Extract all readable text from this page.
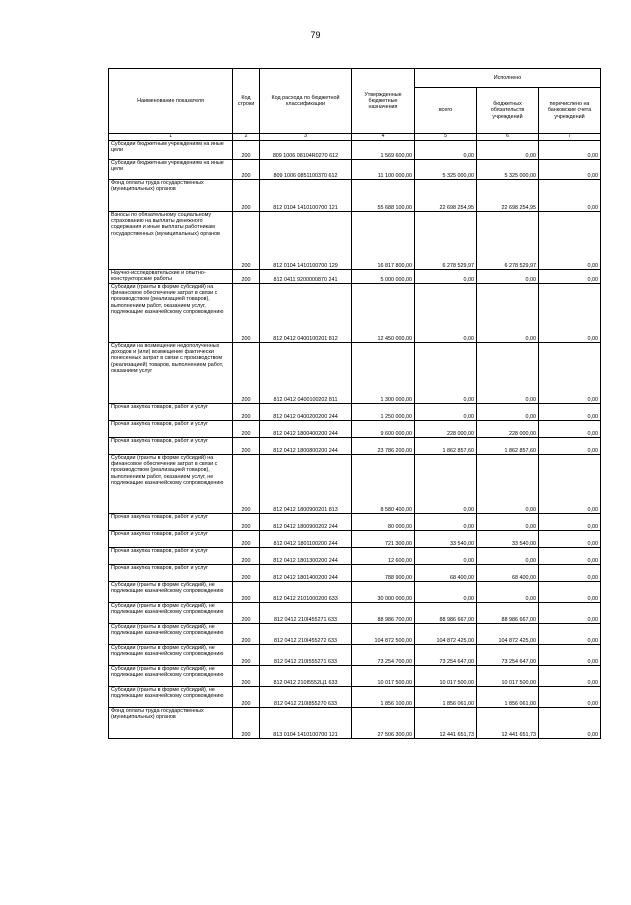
79
Наименование показателя	Код строки	Код расхода по бюджетной классификации	Утвержденные бюджетные назначения	Исполнено		
				всего	бюджетных обязательств учреждений	перечислено на банковские счета учреждений
1	2	3	4	5	6	7
Субсидии бюджетным учреждениям на иные цели	200	809 1006 08104R0270 612	1 569 600,00	0,00	0,00	0,00
Субсидии бюджетным учреждениям на иные цели	200	809 1006 0851100370 612	11 100 000,00	5 325 000,00	5 325 000,00	0,00
Фонд оплаты труда государственных (муниципальных) органов	200	812 0104 1410100700 121	55 688 100,00	22 698 254,95	22 698 254,95	0,00
Взносы по обязательному социальному страхованию на выплаты денежного содержания и иные выплаты работникам государственных (муниципальных) органов	200	812 0104 1410100700 129	16 817 800,00	6 278 529,97	6 278 529,97	0,00
Научно-исследовательские и опытно-конструкторские работы	200	812 0411 9200000870 241	5 000 000,00	0,00	0,00	0,00
Субсидии (гранты в форме субсидий) на финансовое обеспечение затрат в связи с производством (реализацией товаров), выполнением работ, оказанием услуг, подлежащие казначейскому сопровождению	200	812 0412 0400100201 812	12 450 000,00	0,00	0,00	0,00
Субсидии на возмещение недополученных доходов и (или) возмещение фактически понесенных затрат в связи с производством (реализацией) товаров, выполнением работ, оказанием услуг	200	812 0412 0400100202 811	1 300 000,00	0,00	0,00	0,00
Прочая закупка товаров, работ и услуг	200	812 0412 0400200200 244	1 250 000,00	0,00	0,00	0,00
Прочая закупка товаров, работ и услуг	200	812 0412 1800400200 244	9 600 000,00	228 000,00	228 000,00	0,00
Прочая закупка товаров, работ и услуг	200	812 0412 1800800200 244	23 786 200,00	1 862 857,60	1 862 857,60	0,00
Субсидии (гранты в форме субсидий) на финансовое обеспечение затрат в связи с производством (реализацией товаров), выполнением работ, оказанием услуг, не подлежащие казначейскому сопровождению	200	812 0412 1800900201 813	8 580 400,00	0,00	0,00	0,00
Прочая закупка товаров, работ и услуг	200	812 0412 1800900202 244	80 000,00	0,00	0,00	0,00
Прочая закупка товаров, работ и услуг	200	812 0412 1801100200 244	721 300,00	33 540,00	33 540,00	0,00
Прочая закупка товаров, работ и услуг	200	812 0412 1801300200 244	12 600,00	0,00	0,00	0,00
Прочая закупка товаров, работ и услуг	200	812 0412 1801400200 244	788 900,00	68 400,00	68 400,00	0,00
Субсидии (гранты в форме субсидий), не подлежащие казначейскому сопровождению	200	812 0412 2101000200 633	30 000 000,00	0,00	0,00	0,00
Субсидии (гранты в форме субсидий), не подлежащие казначейскому сопровождению	200	812 0412 210I455271 633	88 986 700,00	88 986 667,00	88 986 667,00	0,00
Субсидии (гранты в форме субсидий), не подлежащие казначейскому сопровождению	200	812 0412 210I455272 633	104 872 500,00	104 872 425,00	104 872 425,00	0,00
Субсидии (гранты в форме субсидий), не подлежащие казначейскому сопровождению	200	812 0412 210I555271 633	73 254 700,00	73 254 647,00	73 254 647,00	0,00
Субсидии (гранты в форме субсидий), не подлежащие казначейскому сопровождению	200	812 0412 210I5552Ц1 633	10 017 500,00	10 017 500,00	10 017 500,00	0,00
Субсидии (гранты в форме субсидий), не подлежащие казначейскому сопровождению	200	812 0412 210I855270 633	1 856 100,00	1 856 061,00	1 856 061,00	0,00
Фонд оплаты труда государственных (муниципальных) органов	200	813 0104 1410100700 121	27 506 300,00	12 441 651,73	12 441 651,73	0,00
